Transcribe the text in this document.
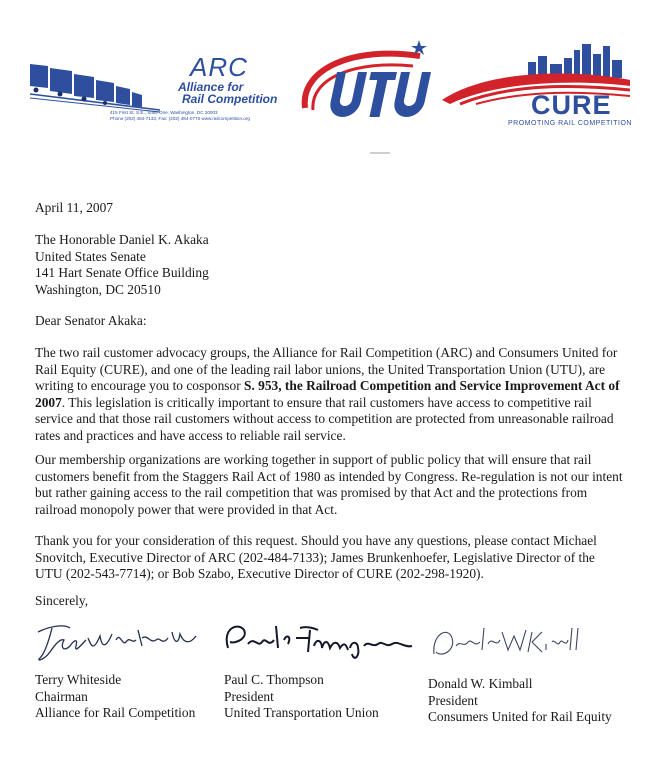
ARC
Alliance for
Rail Competition
415 First St. S.E., Suite One, Washington, DC 20003
Phone (202) 484-7133, Fax: (202) 484-0770 www.railcompetition.org	CURE
PROMOTING RAIL COMPETITION
April 11, 2007
The Honorable Daniel K. Akaka
United States Senate
141 Hart Senate Office Building
Washington, DC 20510
Dear Senator Akaka:
The two rail customer advocacy groups, the Alliance for Rail Competition (ARC) and Consumers United for Rail Equity (CURE), and one of the leading rail labor unions, the United Transportation Union (UTU), are writing to encourage you to cosponsor S. 953, the Railroad Competition and Service Improvement Act of 2007. This legislation is critically important to ensure that rail customers have access to competitive rail service and that those rail customers without access to competition are protected from unreasonable railroad rates and practices and have access to reliable rail service.
Our membership organizations are working together in support of public policy that will ensure that rail customers benefit from the Staggers Rail Act of 1980 as intended by Congress. Re-regulation is not our intent but rather gaining access to the rail competition that was promised by that Act and the protections from railroad monopoly power that were provided in that Act.
Thank you for your consideration of this request. Should you have any questions, please contact Michael Snovitch, Executive Director of ARC (202-484-7133); James Brunkenhoefer, Legislative Director of the UTU (202-543-7714); or Bob Szabo, Executive Director of CURE (202-298-1920).
Sincerely,
Terry Whiteside
Chairman
Alliance for Rail Competition
Paul C. Thompson
President
United Transportation Union
Donald W. Kimball
President
Consumers United for Rail Equity
